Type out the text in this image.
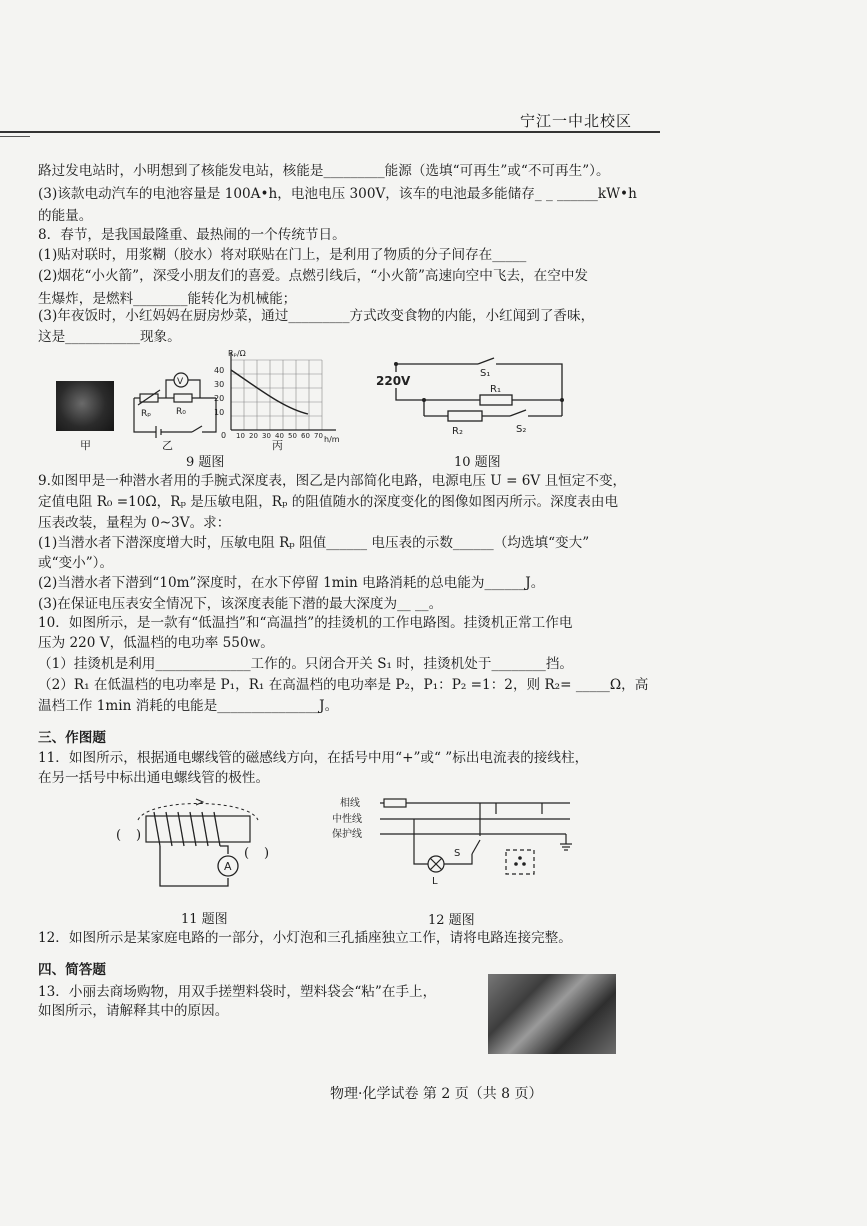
宁江一中北校区
路过发电站时，小明想到了核能发电站，核能是_________能源（选填“可再生”或“不可再生”）。
(3)该款电动汽车的电池容量是 100A•h，电池电压 300V，该车的电池最多能储存_ _ ______kW•h
的能量。
8．春节，是我国最隆重、最热闹的一个传统节日。
(1)贴对联时，用浆糊（胶水）将对联贴在门上，是利用了物质的分子间存在_____
(2)烟花“小火箭”，深受小朋友们的喜爱。点燃引线后，“小火箭”高速向空中飞去，在空中发
生爆炸，是燃料________能转化为机械能；
(3)年夜饭时，小红妈妈在厨房炒菜，通过_________方式改变食物的内能，小红闻到了香味，
这是___________现象。
9.如图甲是一种潜水者用的手腕式深度表，图乙是内部简化电路，电源电压 U = 6V 且恒定不变，
定值电阻 R₀ =10Ω，Rₚ 是压敏电阻，Rₚ 的阻值随水的深度变化的图像如图丙所示。深度表由电
压表改装，量程为 0~3V。求：
(1)当潜水者下潜深度增大时，压敏电阻 Rₚ 阻值______ 电压表的示数______（均选填“变大”
或“变小”）。
(2)当潜水者下潜到“10m”深度时，在水下停留 1min 电路消耗的总电能为______J。
(3)在保证电压表安全情况下，该深度表能下潜的最大深度为__ __。
10．如图所示，是一款有“低温挡”和“高温挡”的挂烫机的工作电路图。挂烫机正常工作电
压为 220 V，低温档的电功率 550w。
（1）挂烫机是利用______________工作的。只闭合开关 S₁ 时，挂烫机处于________挡。
（2）R₁ 在低温档的电功率是 P₁，R₁ 在高温档的电功率是 P₂，P₁：P₂ =1：2，则 R₂= _____Ω，高
温档工作 1min 消耗的电能是_______________J。
三、作图题
11．如图所示，根据通电螺线管的磁感线方向，在括号中用“+”或“ ”标出电流表的接线柱，
在另一括号中标出通电螺线管的极性。
12．如图所示是某家庭电路的一部分，小灯泡和三孔插座独立工作，请将电路连接完整。
四、简答题
13．小丽去商场购物，用双手搓塑料袋时，塑料袋会“粘”在手上，
如图所示，请解释其中的原因。
甲
V
Rₚ	R₀
乙
Rₚ/Ω
h/m
40
30
20
10
0 10 20 30 40 50 60 70
丙
9 题图
220V
S₁
R₁
R₂	S₂
10 题图
A
( )
( )
11 题图
相线
中性线
保护线
S
L
12 题图
物理·化学试卷 第 2 页（共 8 页）
